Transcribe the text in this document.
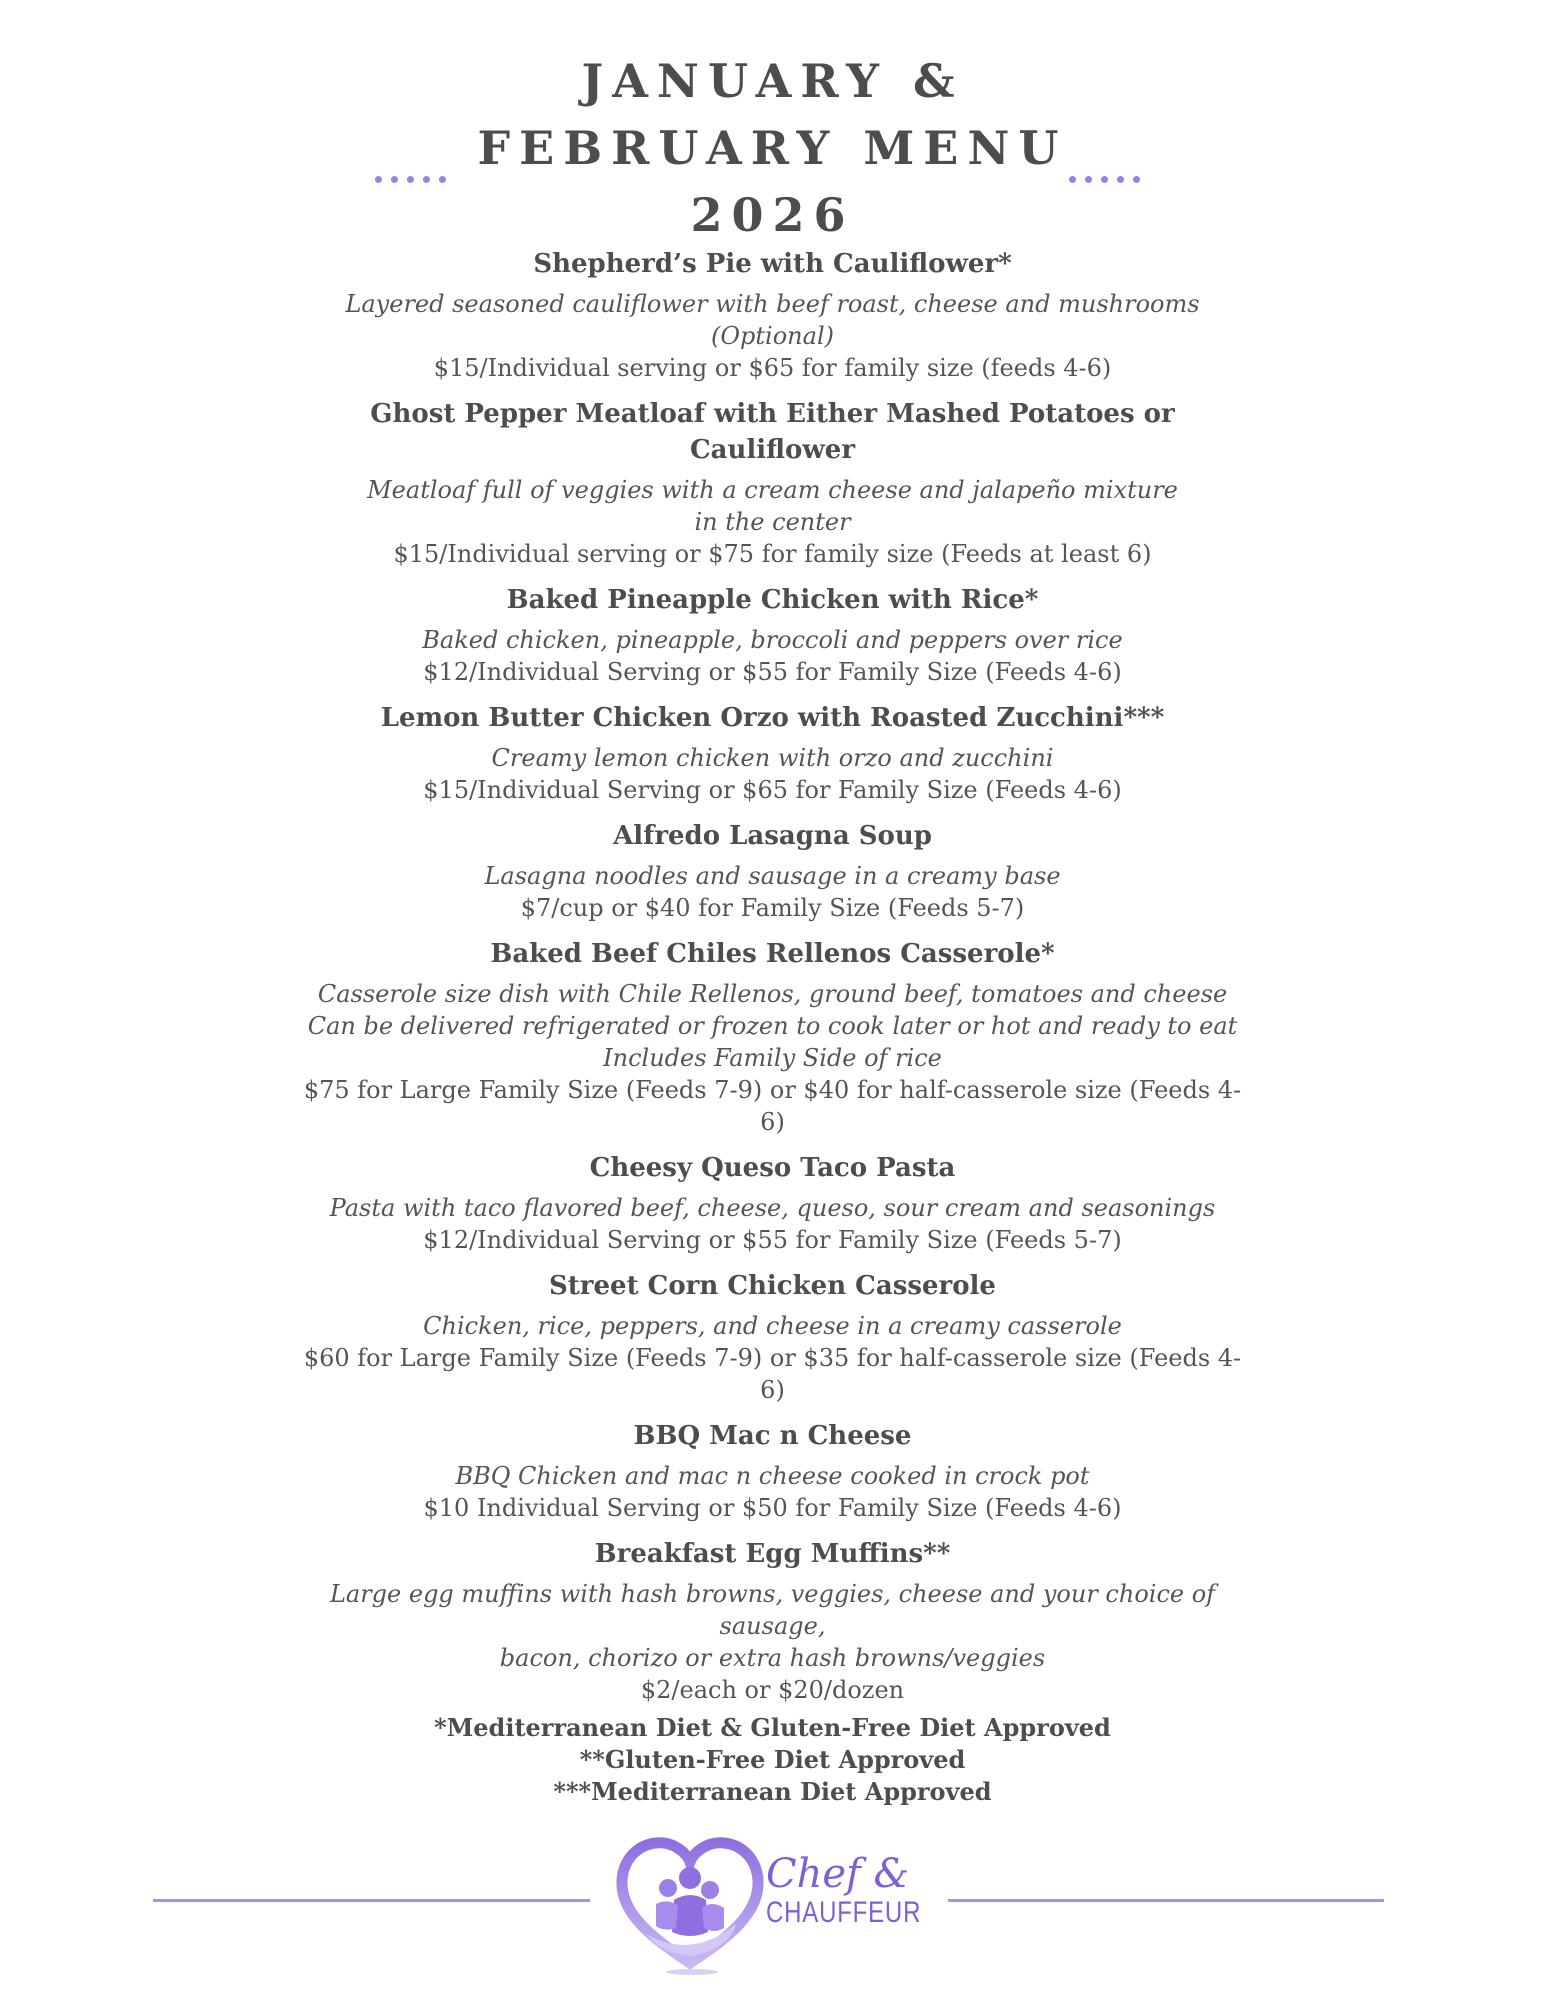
JANUARY &

FEBRUARY MENU

2026

Shepherd’s Pie with Cauliflower*

Layered seasoned cauliflower with beef roast, cheese and mushrooms

(Optional)

$15/Individual serving or $65 for family size (feeds 4-6)

Ghost Pepper Meatloaf with Either Mashed Potatoes or Cauliflower

Meatloaf full of veggies with a cream cheese and jalapeño mixture

in the center

$15/Individual serving or $75 for family size (Feeds at least 6)

Baked Pineapple Chicken with Rice*

Baked chicken, pineapple, broccoli and peppers over rice

$12/Individual Serving or $55 for Family Size (Feeds 4-6)

Lemon Butter Chicken Orzo with Roasted Zucchini***

Creamy lemon chicken with orzo and zucchini

$15/Individual Serving or $65 for Family Size (Feeds 4-6)

Alfredo Lasagna Soup

Lasagna noodles and sausage in a creamy base

$7/cup or $40 for Family Size (Feeds 5-7)

Baked Beef Chiles Rellenos Casserole*

Casserole size dish with Chile Rellenos, ground beef, tomatoes and cheese

Can be delivered refrigerated or frozen to cook later or hot and ready to eat

Includes Family Side of rice

$75 for Large Family Size (Feeds 7-9) or $40 for half-casserole size (Feeds 4-6)

Cheesy Queso Taco Pasta

Pasta with taco flavored beef, cheese, queso, sour cream and seasonings

$12/Individual Serving or $55 for Family Size (Feeds 5-7)

Street Corn Chicken Casserole

Chicken, rice, peppers, and cheese in a creamy casserole

$60 for Large Family Size (Feeds 7-9) or $35 for half-casserole size (Feeds 4-6)

BBQ Mac n Cheese

BBQ Chicken and mac n cheese cooked in crock pot

$10 Individual Serving or $50 for Family Size (Feeds 4-6)

Breakfast Egg Muffins**

Large egg muffins with hash browns, veggies, cheese and your choice of sausage,

bacon, chorizo or extra hash browns/veggies

$2/each or $20/dozen

*Mediterranean Diet & Gluten-Free Diet Approved

**Gluten-Free Diet Approved

***Mediterranean Diet Approved

Chef &
CHAUFFEUR
